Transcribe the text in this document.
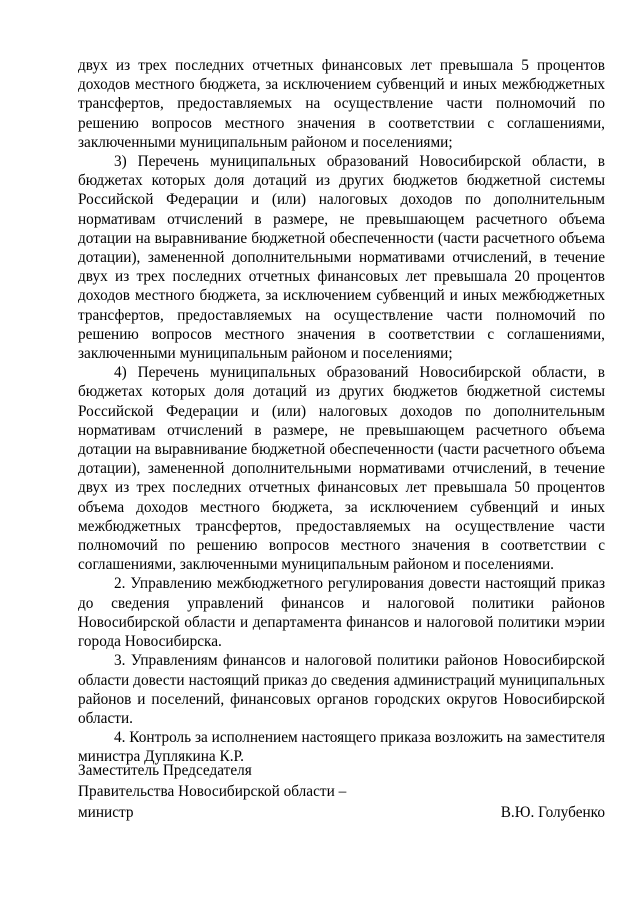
двух из трех последних отчетных финансовых лет превышала 5 процентов доходов местного бюджета, за исключением субвенций и иных межбюджетных трансфертов, предоставляемых на осуществление части полномочий по решению вопросов местного значения в соответствии с соглашениями, заключенными муниципальным районом и поселениями;

3) Перечень муниципальных образований Новосибирской области, в бюджетах которых доля дотаций из других бюджетов бюджетной системы Российской Федерации и (или) налоговых доходов по дополнительным нормативам отчислений в размере, не превышающем расчетного объема дотации на выравнивание бюджетной обеспеченности (части расчетного объема дотации), замененной дополнительными нормативами отчислений, в течение двух из трех последних отчетных финансовых лет превышала 20 процентов доходов местного бюджета, за исключением субвенций и иных межбюджетных трансфертов, предоставляемых на осуществление части полномочий по решению вопросов местного значения в соответствии с соглашениями, заключенными муниципальным районом и поселениями;

4) Перечень муниципальных образований Новосибирской области, в бюджетах которых доля дотаций из других бюджетов бюджетной системы Российской Федерации и (или) налоговых доходов по дополнительным нормативам отчислений в размере, не превышающем расчетного объема дотации на выравнивание бюджетной обеспеченности (части расчетного объема дотации), замененной дополнительными нормативами отчислений, в течение двух из трех последних отчетных финансовых лет превышала 50 процентов объема доходов местного бюджета, за исключением субвенций и иных межбюджетных трансфертов, предоставляемых на осуществление части полномочий по решению вопросов местного значения в соответствии с соглашениями, заключенными муниципальным районом и поселениями.

2. Управлению межбюджетного регулирования довести настоящий приказ до сведения управлений финансов и налоговой политики районов Новосибирской области и департамента финансов и налоговой политики мэрии города Новосибирска.

3. Управлениям финансов и налоговой политики районов Новосибирской области довести настоящий приказ до сведения администраций муниципальных районов и поселений, финансовых органов городских округов Новосибирской области.

4. Контроль за исполнением настоящего приказа возложить на заместителя министра Дуплякина К.Р.

Заместитель Председателя
Правительства Новосибирской области –
министр	В.Ю. Голубенко
